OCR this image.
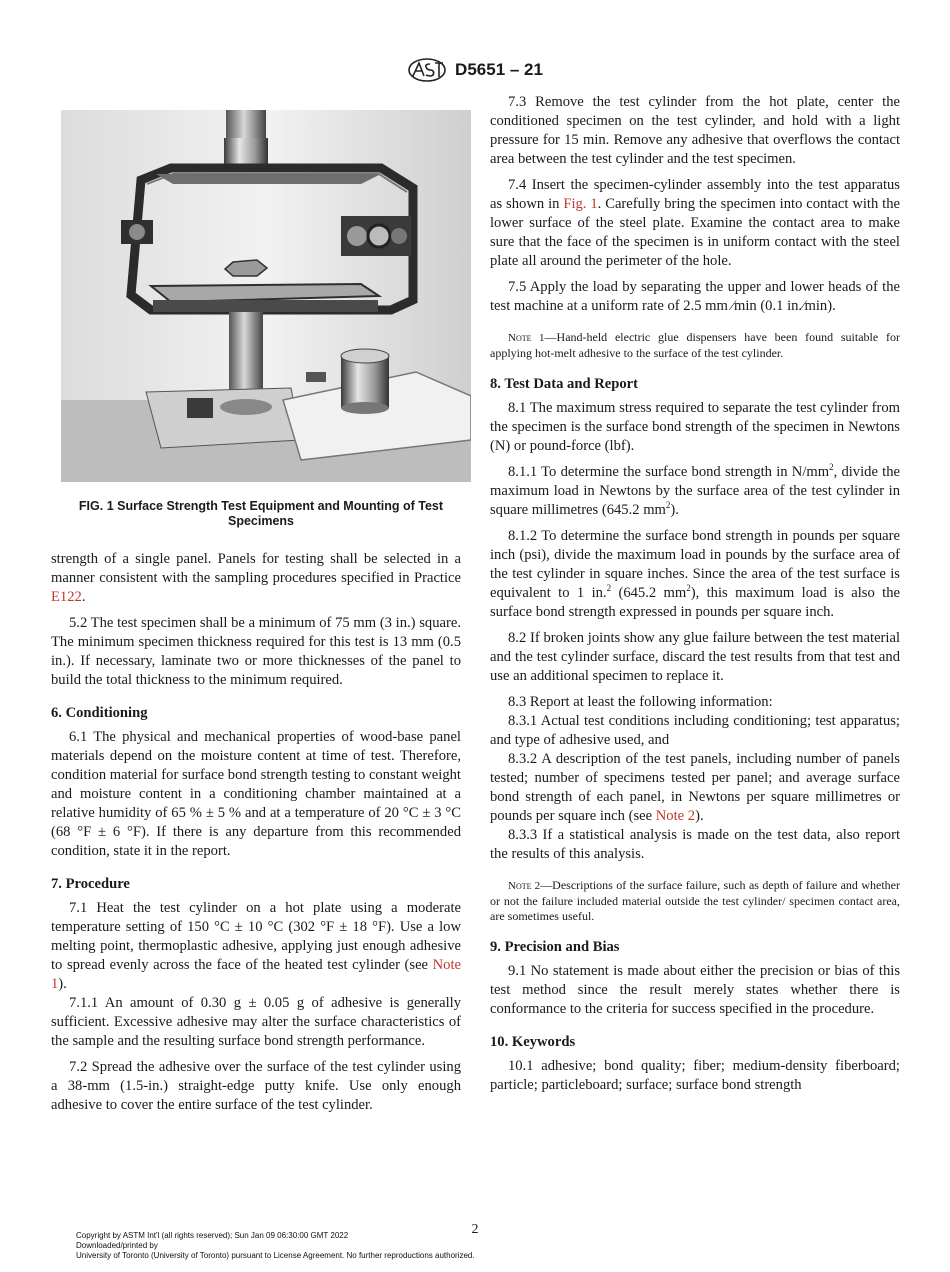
D5651 – 21
FIG. 1 Surface Strength Test Equipment and Mounting of Test
Specimens

strength of a single panel. Panels for testing shall be selected in a manner consistent with the sampling procedures specified in Practice E122.

5.2 The test specimen shall be a minimum of 75 mm (3 in.) square. The minimum specimen thickness required for this test is 13 mm (0.5 in.). If necessary, laminate two or more thicknesses of the panel to build the total thickness to the minimum required.

6. Conditioning

6.1 The physical and mechanical properties of wood-base panel materials depend on the moisture content at time of test. Therefore, condition material for surface bond strength testing to constant weight and moisture content in a conditioning chamber maintained at a relative humidity of 65 % ± 5 % and at a temperature of 20 °C ± 3 °C (68 °F ± 6 °F). If there is any departure from this recommended condition, state it in the report.

7. Procedure

7.1 Heat the test cylinder on a hot plate using a moderate temperature setting of 150 °C ± 10 °C (302 °F ± 18 °F). Use a low melting point, thermoplastic adhesive, applying just enough adhesive to spread evenly across the face of the heated test cylinder (see Note 1).

7.1.1 An amount of 0.30 g ± 0.05 g of adhesive is generally sufficient. Excessive adhesive may alter the surface characteristics of the sample and the resulting surface bond strength performance.

7.2 Spread the adhesive over the surface of the test cylinder using a 38-mm (1.5-in.) straight-edge putty knife. Use only enough adhesive to cover the entire surface of the test cylinder.

7.3 Remove the test cylinder from the hot plate, center the conditioned specimen on the test cylinder, and hold with a light pressure for 15 min. Remove any adhesive that overflows the contact area between the test cylinder and the test specimen.

7.4 Insert the specimen-cylinder assembly into the test apparatus as shown in Fig. 1. Carefully bring the specimen into contact with the lower surface of the steel plate. Examine the contact area to make sure that the face of the specimen is in uniform contact with the steel plate all around the perimeter of the hole.

7.5 Apply the load by separating the upper and lower heads of the test machine at a uniform rate of 2.5 mm ⁄min (0.1 in.⁄min).

Note 1—Hand-held electric glue dispensers have been found suitable for applying hot-melt adhesive to the surface of the test cylinder.

8. Test Data and Report

8.1 The maximum stress required to separate the test cylinder from the specimen is the surface bond strength of the specimen in Newtons (N) or pound-force (lbf).

8.1.1 To determine the surface bond strength in $N/mm^2$, divide the maximum load in Newtons by the surface area of the test cylinder in square millimetres (645.2 $mm^2$).

8.1.2 To determine the surface bond strength in pounds per square inch (psi), divide the maximum load in pounds by the surface area of the test cylinder in square inches. Since the area of the test surface is equivalent to 1 in.$^2$ (645.2 $mm^2$), this maximum load is also the surface bond strength expressed in pounds per square inch.

8.2 If broken joints show any glue failure between the test material and the test cylinder surface, discard the test results from that test and use an additional specimen to replace it.

8.3 Report at least the following information:

8.3.1 Actual test conditions including conditioning; test apparatus; and type of adhesive used, and

8.3.2 A description of the test panels, including number of panels tested; number of specimens tested per panel; and average surface bond strength of each panel, in Newtons per square millimetres or pounds per square inch (see Note 2).

8.3.3 If a statistical analysis is made on the test data, also report the results of this analysis.

Note 2—Descriptions of the surface failure, such as depth of failure and whether or not the failure included material outside the test cylinder/ specimen contact area, are sometimes useful.

9. Precision and Bias

9.1 No statement is made about either the precision or bias of this test method since the result merely states whether there is conformance to the criteria for success specified in the procedure.

10. Keywords

10.1 adhesive; bond quality; fiber; medium-density fiberboard; particle; particleboard; surface; surface bond strength

2
Copyright by ASTM Int'l (all rights reserved); Sun Jan 09 06:30:00 GMT 2022
Downloaded/printed by
University of Toronto (University of Toronto) pursuant to License Agreement. No further reproductions authorized.
